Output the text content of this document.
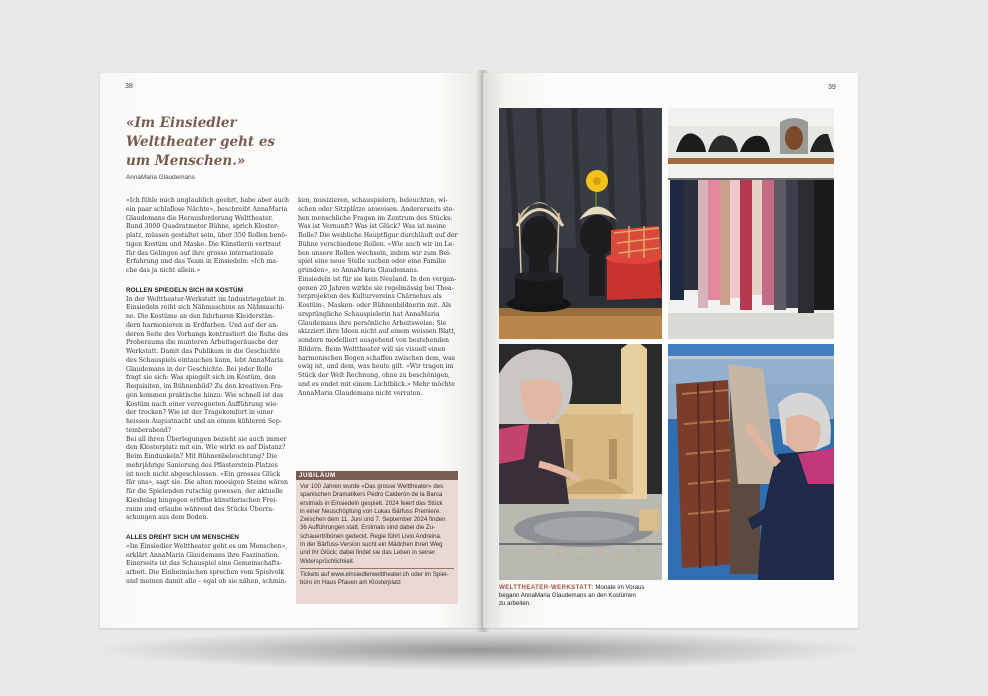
38
«Im Einsiedler
Welttheater geht es
um Menschen.»
AnnaMaria Glaudemans
«Ich fühle mich unglaublich geehrt, habe aber auch
ein paar schlaflose Nächte», beschreibt AnnaMaria
Glaudemans die Herausforderung Welttheater.
Rund 3000 Quadratmeter Bühne, sprich Kloster-
platz, müssen gestaltet sein, über 350 Rollen benö-
tigen Kostüm und Maske. Die Künstlerin vertraut
für das Gelingen auf ihre grosse internationale
Erfahrung und das Team in Einsiedeln: «Ich ma-
che das ja nicht allein.»
ROLLEN SPIEGELN SICH IM KOSTÜM
In der Welttheater-Werkstatt im Industriegebiet in
Einsiedeln reiht sich Nähmaschine an Nähmaschi-
ne. Die Kostüme an den fahrbaren Kleiderstän-
dern harmonieren in Erdfarben. Und auf der an-
deren Seite des Vorhangs kontrastiert die Ruhe des
Proberaums die munteren Arbeitsgeräusche der
Werkstatt. Damit das Publikum in die Geschichte
des Schauspiels eintauchen kann, lebt AnnaMaria
Glaudemans in der Geschichte. Bei jeder Rolle
fragt sie sich: Was spiegelt sich im Kostüm, den
Requisiten, im Bühnenbild? Zu den kreativen Fra-
gen kommen praktische hinzu: Wie schnell ist das
Kostüm nach einer verregneten Aufführung wie-
der trocken? Wie ist der Tragekomfort in einer
heissen Augustnacht und an einem kühleren Sep-
temberabend?
Bei all ihren Überlegungen bezieht sie auch immer
den Klosterplatz mit ein. Wie wirkt es auf Distanz?
Beim Eindunkeln? Mit Bühnenbeleuchtung? Die
mehrjährige Sanierung des Pflasterstein-Platzes
ist noch nicht abgeschlossen. «Ein grosses Glück
für uns», sagt sie. Die alten moosigen Steine wären
für die Spielenden rutschig gewesen, der aktuelle
Kiesbelag hingegen eröffne künstlerischen Frei-
raum und erlaube während des Stücks Überra-
schungen aus dem Boden.
ALLES DREHT SICH UM MENSCHEN
«Im Einsiedler Welttheater geht es um Menschen»,
erklärt AnnaMaria Glaudemans ihre Faszination.
Einerseits ist das Schauspiel eine Gemeinschafts-
arbeit. Die Einheimischen sprechen vom Spielvolk
und meinen damit alle – egal ob sie nähen, schmin-
ken, musizieren, schauspielern, beleuchten, wi-
schen oder Sitzplätze anweisen. Andererseits ste-
hen menschliche Fragen im Zentrum des Stücks:
Was ist Vernunft? Was ist Glück? Was ist meine
Rolle? Die weibliche Hauptfigur durchläuft auf der
Bühne verschiedene Rollen. «Wie auch wir im Le-
ben unsere Rollen wechseln, indem wir zum Bei-
spiel eine neue Stelle suchen oder eine Familie
gründen», so AnnaMaria Glaudemans.
Einsiedeln ist für sie kein Neuland. In den vergan-
genen 20 Jahren wirkte sie regelmässig bei Thea-
terprojekten des Kulturvereins Chärnehus als
Kostüm-, Masken- oder Bühnenbildnerin mit. Als
ursprüngliche Schauspielerin hat AnnaMaria
Glaudemans ihre persönliche Arbeitsweise: Sie
skizziert ihre Ideen nicht auf einem weissen Blatt,
sondern modelliert ausgehend von bestehenden
Bildern. Beim Welttheater will sie visuell einen
harmonischen Bogen schaffen zwischen dem, was
ewig ist, und dem, was heute gilt. «Wir tragen im
Stück der Welt Rechnung, ohne zu beschönigen,
und es endet mit einem Lichtblick.» Mehr möchte
AnnaMaria Glaudemans nicht verraten.
JUBILÄUM
Vor 100 Jahren wurde «Das grosse Welttheater» des
spanischen Dramatikers Pedro Calderón de la Barca
erstmals in Einsiedeln gespielt. 2024 feiert das Stück
in einer Neuschöpfung von Lukas Bärfuss Premiere.
Zwischen dem 11. Juni und 7. September 2024 finden
36 Aufführungen statt. Erstmals sind dabei die Zu-
schauertribünen gedeckt. Regie führt Livio Andreina.
In der Bärfuss-Version sucht ein Mädchen ihren Weg
und ihr Glück; dabei findet sie das Leben in seiner
Widersprüchlichkeit.
Tickets auf www.einsiedlerwelttheater.ch oder im Spiel-
büro im Haus Pfauen am Klosterplatz
39
WELTTHEATER-WERKSTATT: Monate im Voraus
begann AnnaMaria Glaudemans an den Kostümen
zu arbeiten.
